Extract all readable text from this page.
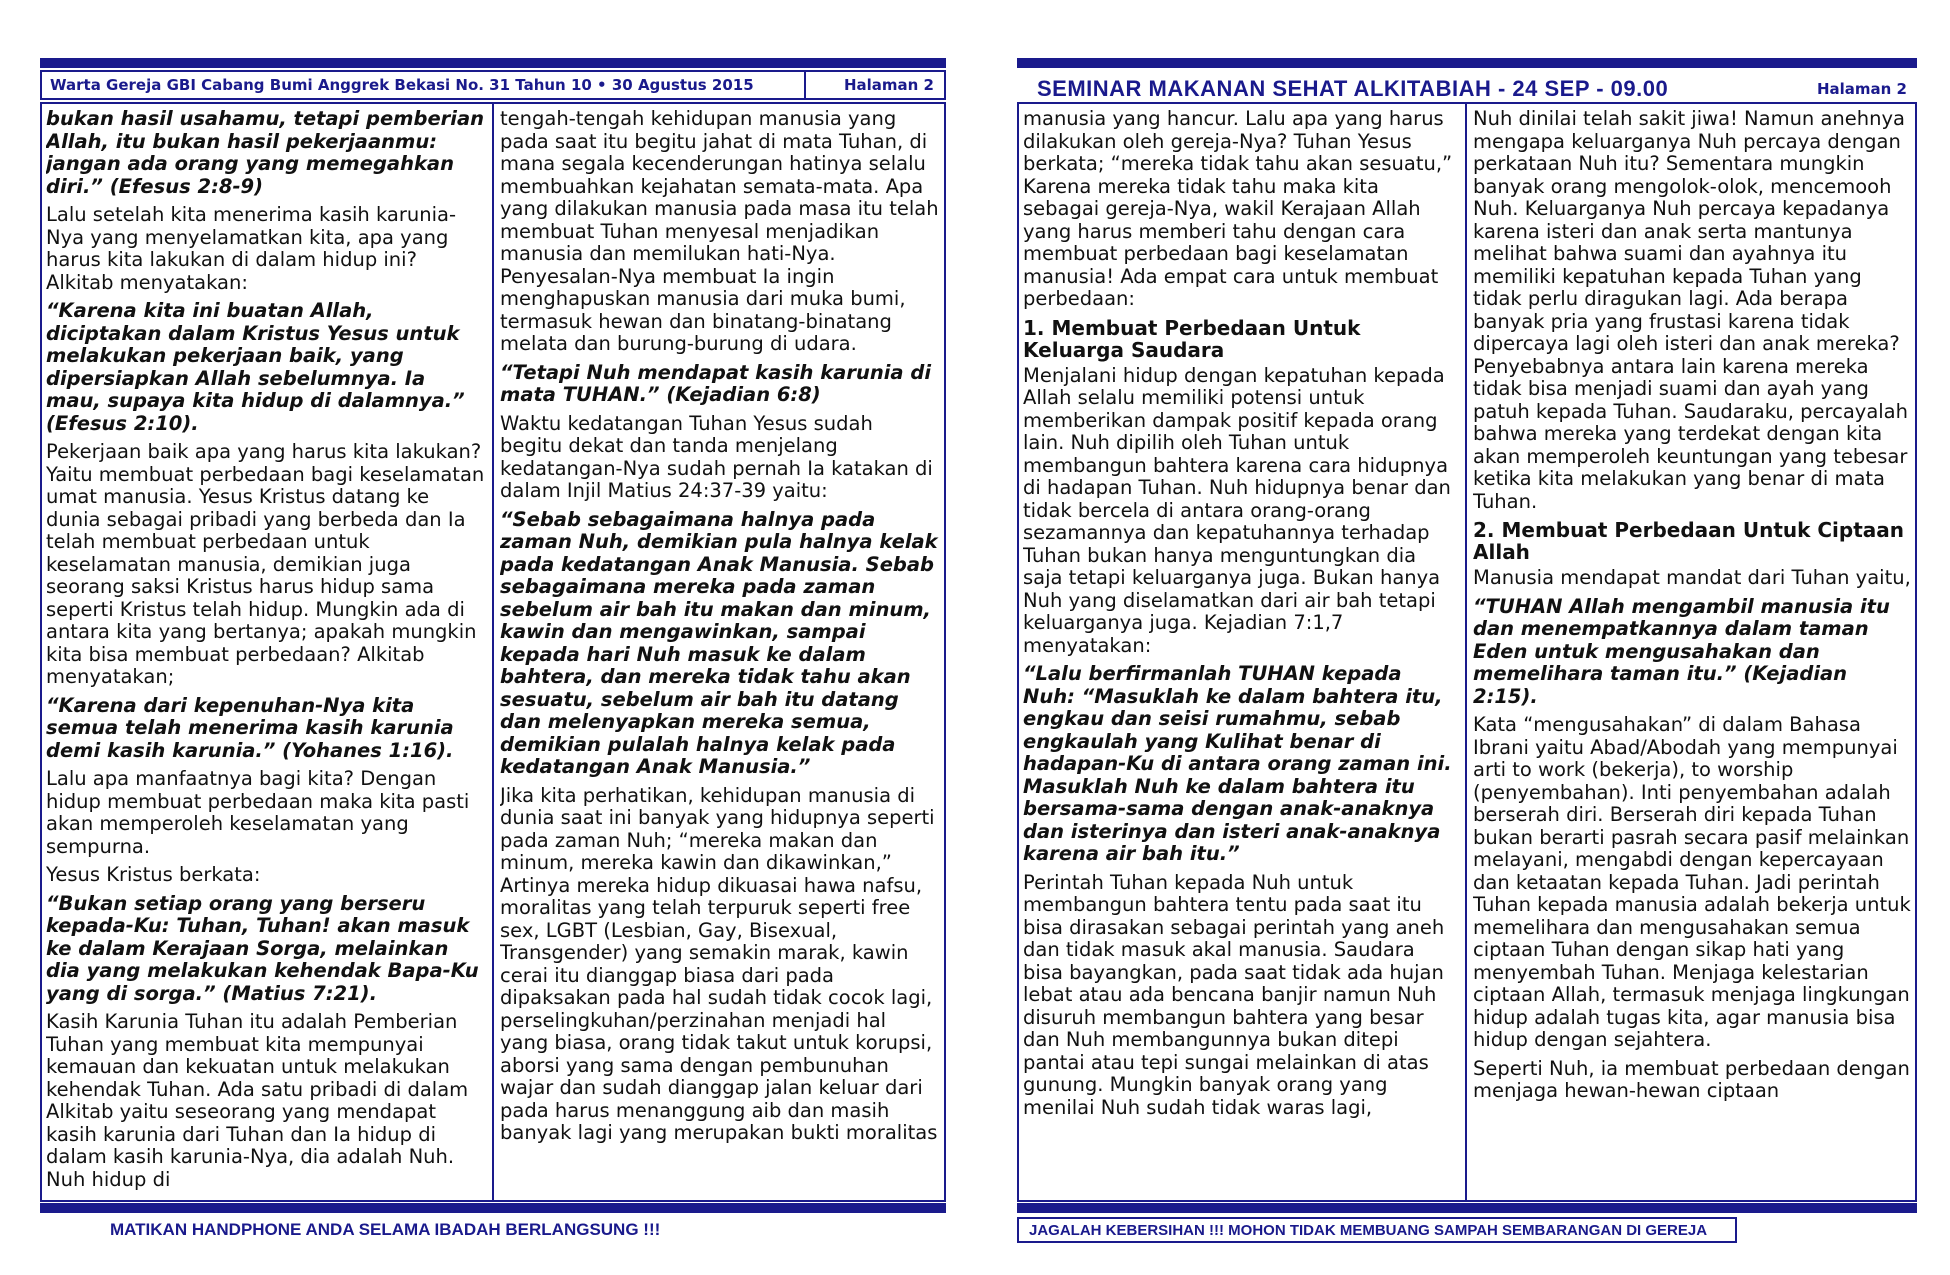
Warta Gereja GBI Cabang Bumi Anggrek Bekasi No. 31 Tahun 10 • 30 Agustus 2015	Halaman 2

bukan hasil usahamu, tetapi pemberian Allah, itu bukan hasil pekerjaanmu: jangan ada orang yang memegahkan diri.” (Efesus 2:8-9)

Lalu setelah kita menerima kasih karunia-Nya yang menyelamatkan kita, apa yang harus kita lakukan di dalam hidup ini? Alkitab menyatakan:

“Karena kita ini buatan Allah, diciptakan dalam Kristus Yesus untuk melakukan pekerjaan baik, yang dipersiapkan Allah sebelumnya. Ia mau, supaya kita hidup di dalamnya.” (Efesus 2:10).

Pekerjaan baik apa yang harus kita lakukan? Yaitu membuat perbedaan bagi keselamatan umat manusia. Yesus Kristus datang ke dunia sebagai pribadi yang berbeda dan Ia telah membuat perbedaan untuk keselamatan manusia, demikian juga seorang saksi Kristus harus hidup sama seperti Kristus telah hidup. Mungkin ada di antara kita yang bertanya; apakah mungkin kita bisa membuat perbedaan? Alkitab menyatakan;

“Karena dari kepenuhan-Nya kita semua telah menerima kasih karunia demi kasih karunia.” (Yohanes 1:16).

Lalu apa manfaatnya bagi kita? Dengan hidup membuat perbedaan maka kita pasti akan memperoleh keselamatan yang sempurna.

Yesus Kristus berkata:

“Bukan setiap orang yang berseru kepada-Ku: Tuhan, Tuhan! akan masuk ke dalam Kerajaan Sorga, melainkan dia yang melakukan kehendak Bapa-Ku yang di sorga.” (Matius 7:21).

Kasih Karunia Tuhan itu adalah Pemberian Tuhan yang membuat kita mempunyai kemauan dan kekuatan untuk melakukan kehendak Tuhan. Ada satu pribadi di dalam Alkitab yaitu seseorang yang mendapat kasih karunia dari Tuhan dan Ia hidup di dalam kasih karunia-Nya, dia adalah Nuh. Nuh hidup di

tengah-tengah kehidupan manusia yang pada saat itu begitu jahat di mata Tuhan, di mana segala kecenderungan hatinya selalu membuahkan kejahatan semata-mata. Apa yang dilakukan manusia pada masa itu telah membuat Tuhan menyesal menjadikan manusia dan memilukan hati-Nya. Penyesalan-Nya membuat Ia ingin menghapuskan manusia dari muka bumi, termasuk hewan dan binatang-binatang melata dan burung-burung di udara.

“Tetapi Nuh mendapat kasih karunia di mata TUHAN.” (Kejadian 6:8)

Waktu kedatangan Tuhan Yesus sudah begitu dekat dan tanda menjelang kedatangan-Nya sudah pernah Ia katakan di dalam Injil Matius 24:37-39 yaitu:

“Sebab sebagaimana halnya pada zaman Nuh, demikian pula halnya kelak pada kedatangan Anak Manusia. Sebab sebagaimana mereka pada zaman sebelum air bah itu makan dan minum, kawin dan mengawinkan, sampai kepada hari Nuh masuk ke dalam bahtera, dan mereka tidak tahu akan sesuatu, sebelum air bah itu datang dan melenyapkan mereka semua, demikian pulalah halnya kelak pada kedatangan Anak Manusia.”

Jika kita perhatikan, kehidupan manusia di dunia saat ini banyak yang hidupnya seperti pada zaman Nuh; “mereka makan dan minum, mereka kawin dan dikawinkan,” Artinya mereka hidup dikuasai hawa nafsu, moralitas yang telah terpuruk seperti free sex, LGBT (Lesbian, Gay, Bisexual, Transgender) yang semakin marak, kawin cerai itu dianggap biasa dari pada dipaksakan pada hal sudah tidak cocok lagi, perselingkuhan/perzinahan menjadi hal yang biasa, orang tidak takut untuk korupsi, aborsi yang sama dengan pembunuhan wajar dan sudah dianggap jalan keluar dari pada harus menanggung aib dan masih banyak lagi yang merupakan bukti moralitas

MATIKAN HANDPHONE ANDA SELAMA IBADAH BERLANGSUNG !!!
SEMINAR MAKANAN SEHAT ALKITABIAH - 24 SEP - 09.00	Halaman 2

manusia yang hancur. Lalu apa yang harus dilakukan oleh gereja-Nya? Tuhan Yesus berkata; “mereka tidak tahu akan sesuatu,” Karena mereka tidak tahu maka kita sebagai gereja-Nya, wakil Kerajaan Allah yang harus memberi tahu dengan cara membuat perbedaan bagi keselamatan manusia! Ada empat cara untuk membuat perbedaan:

1. Membuat Perbedaan Untuk Keluarga Saudara

Menjalani hidup dengan kepatuhan kepada Allah selalu memiliki potensi untuk memberikan dampak positif kepada orang lain. Nuh dipilih oleh Tuhan untuk membangun bahtera karena cara hidupnya di hadapan Tuhan. Nuh hidupnya benar dan tidak bercela di antara orang-orang sezamannya dan kepatuhannya terhadap Tuhan bukan hanya menguntungkan dia saja tetapi keluarganya juga. Bukan hanya Nuh yang diselamatkan dari air bah tetapi keluarganya juga. Kejadian 7:1,7 menyatakan:

“Lalu berfirmanlah TUHAN kepada Nuh: “Masuklah ke dalam bahtera itu, engkau dan seisi rumahmu, sebab engkaulah yang Kulihat benar di hadapan-Ku di antara orang zaman ini. Masuklah Nuh ke dalam bahtera itu bersama-sama dengan anak-anaknya dan isterinya dan isteri anak-anaknya karena air bah itu.”

Perintah Tuhan kepada Nuh untuk membangun bahtera tentu pada saat itu bisa dirasakan sebagai perintah yang aneh dan tidak masuk akal manusia. Saudara bisa bayangkan, pada saat tidak ada hujan lebat atau ada bencana banjir namun Nuh disuruh membangun bahtera yang besar dan Nuh membangunnya bukan ditepi pantai atau tepi sungai melainkan di atas gunung. Mungkin banyak orang yang menilai Nuh sudah tidak waras lagi,

Nuh dinilai telah sakit jiwa! Namun anehnya mengapa keluarganya Nuh percaya dengan perkataan Nuh itu? Sementara mungkin banyak orang mengolok-olok, mencemooh Nuh. Keluarganya Nuh percaya kepadanya karena isteri dan anak serta mantunya melihat bahwa suami dan ayahnya itu memiliki kepatuhan kepada Tuhan yang tidak perlu diragukan lagi. Ada berapa banyak pria yang frustasi karena tidak dipercaya lagi oleh isteri dan anak mereka? Penyebabnya antara lain karena mereka tidak bisa menjadi suami dan ayah yang patuh kepada Tuhan. Saudaraku, percayalah bahwa mereka yang terdekat dengan kita akan memperoleh keuntungan yang tebesar ketika kita melakukan yang benar di mata Tuhan.

2. Membuat Perbedaan Untuk Ciptaan Allah

Manusia mendapat mandat dari Tuhan yaitu,

“TUHAN Allah mengambil manusia itu dan menempatkannya dalam taman Eden untuk mengusahakan dan memelihara taman itu.” (Kejadian 2:15).

Kata “mengusahakan” di dalam Bahasa Ibrani yaitu Abad/Abodah yang mempunyai arti to work (bekerja), to worship (penyembahan). Inti penyembahan adalah berserah diri. Berserah diri kepada Tuhan bukan berarti pasrah secara pasif melainkan melayani, mengabdi dengan kepercayaan dan ketaatan kepada Tuhan. Jadi perintah Tuhan kepada manusia adalah bekerja untuk memelihara dan mengusahakan semua ciptaan Tuhan dengan sikap hati yang menyembah Tuhan. Menjaga kelestarian ciptaan Allah, termasuk menjaga lingkungan hidup adalah tugas kita, agar manusia bisa hidup dengan sejahtera.

Seperti Nuh, ia membuat perbedaan dengan menjaga hewan-hewan ciptaan

JAGALAH KEBERSIHAN !!! MOHON TIDAK MEMBUANG SAMPAH SEMBARANGAN DI GEREJA
